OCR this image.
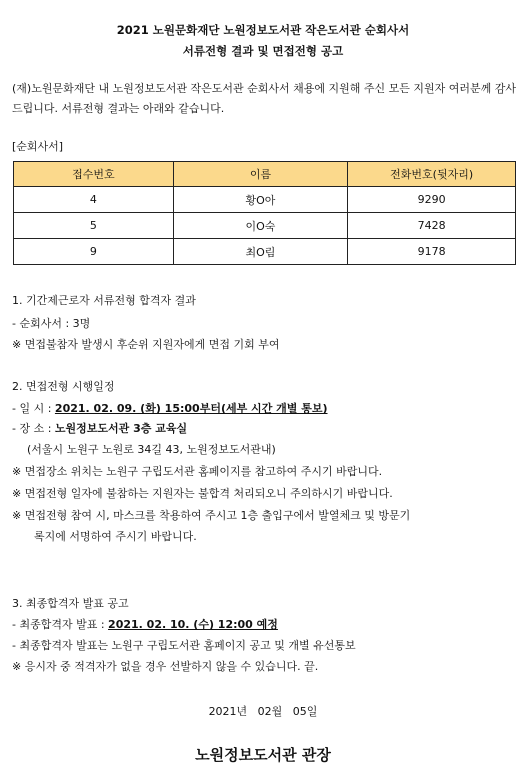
2021 노원문화재단 노원정보도서관 작은도서관 순회사서
서류전형 결과 및 면접전형 공고
(재)노원문화재단 내 노원정보도서관 작은도서관 순회사서 채용에 지원해 주신 모든 지원자 여러분께 감사드립니다. 서류전형 결과는 아래와 같습니다.
[순회사서]
접수번호	이름	전화번호(뒷자리)
4	황O아	9290
5	이O숙	7428
9	최O림	9178
1. 기간제근로자 서류전형 합격자 결과
- 순회사서 : 3명
※ 면접불참자 발생시 후순위 지원자에게 면접 기회 부여
2. 면접전형 시행일정
- 일 시 : 2021. 02. 09. (화) 15:00부터(세부 시간 개별 통보)
- 장 소 : 노원정보도서관 3층 교육실
(서울시 노원구 노원로 34길 43, 노원정보도서관내)
※ 면접장소 위치는 노원구 구립도서관 홈페이지를 참고하여 주시기 바랍니다.
※ 면접전형 일자에 불참하는 지원자는 불합격 처리되오니 주의하시기 바랍니다.
※ 면접전형 참여 시, 마스크를 착용하여 주시고 1층 출입구에서 발열체크 및 방문기
록지에 서명하여 주시기 바랍니다.
3. 최종합격자 발표 공고
- 최종합격자 발표 : 2021. 02. 10. (수) 12:00 예정
- 최종합격자 발표는 노원구 구립도서관 홈페이지 공고 및 개별 유선통보
※ 응시자 중 적격자가 없을 경우 선발하지 않을 수 있습니다. 끝.
2021년   02월   05일
노원정보도서관 관장
